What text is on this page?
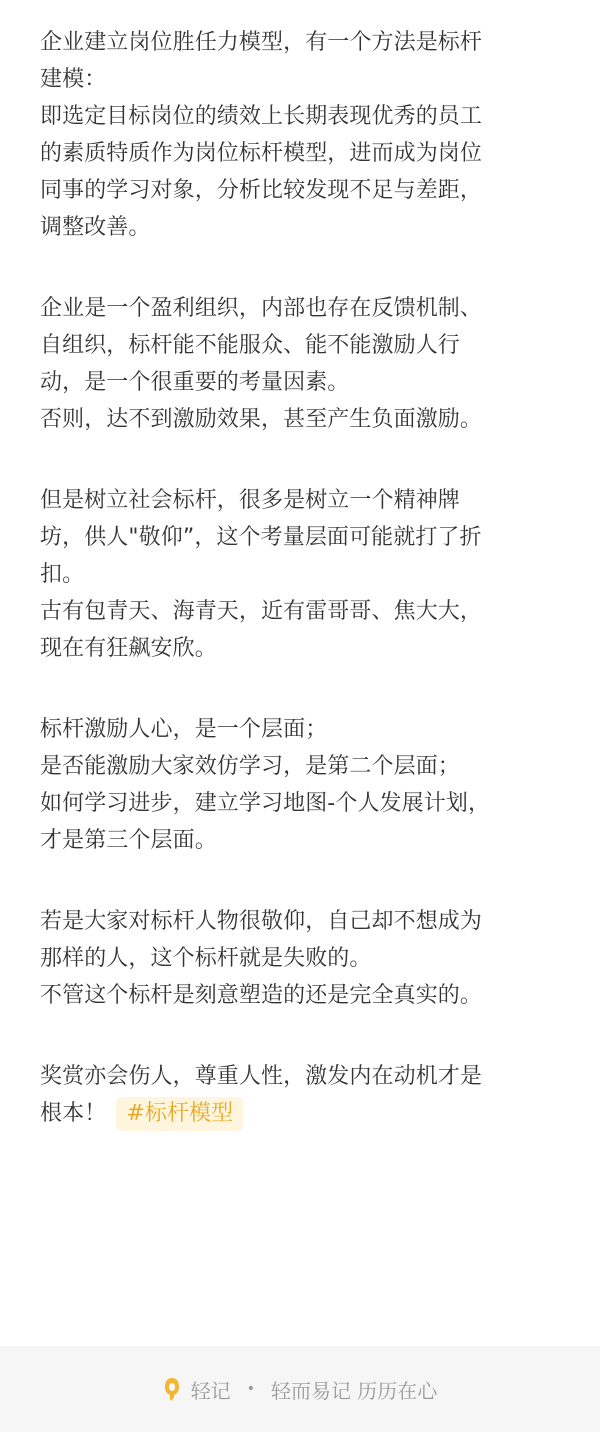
企业建立岗位胜任力模型，有一个方法是标杆
建模：
即选定目标岗位的绩效上长期表现优秀的员工
的素质特质作为岗位标杆模型，进而成为岗位
同事的学习对象，分析比较发现不足与差距，
调整改善。
企业是一个盈利组织，内部也存在反馈机制、
自组织，标杆能不能服众、能不能激励人行
动，是一个很重要的考量因素。
否则，达不到激励效果，甚至产生负面激励。
但是树立社会标杆，很多是树立一个精神牌
坊，供人"敬仰”，这个考量层面可能就打了折
扣。
古有包青天、海青天，近有雷哥哥、焦大大，
现在有狂飙安欣。
标杆激励人心，是一个层面；
是否能激励大家效仿学习，是第二个层面；
如何学习进步，建立学习地图-个人发展计划，
才是第三个层面。
若是大家对标杆人物很敬仰，自己却不想成为
那样的人，这个标杆就是失败的。
不管这个标杆是刻意塑造的还是完全真实的。
奖赏亦会伤人，尊重人性，激发内在动机才是
根本！ #标杆模型
轻记 • 轻而易记 历历在心
